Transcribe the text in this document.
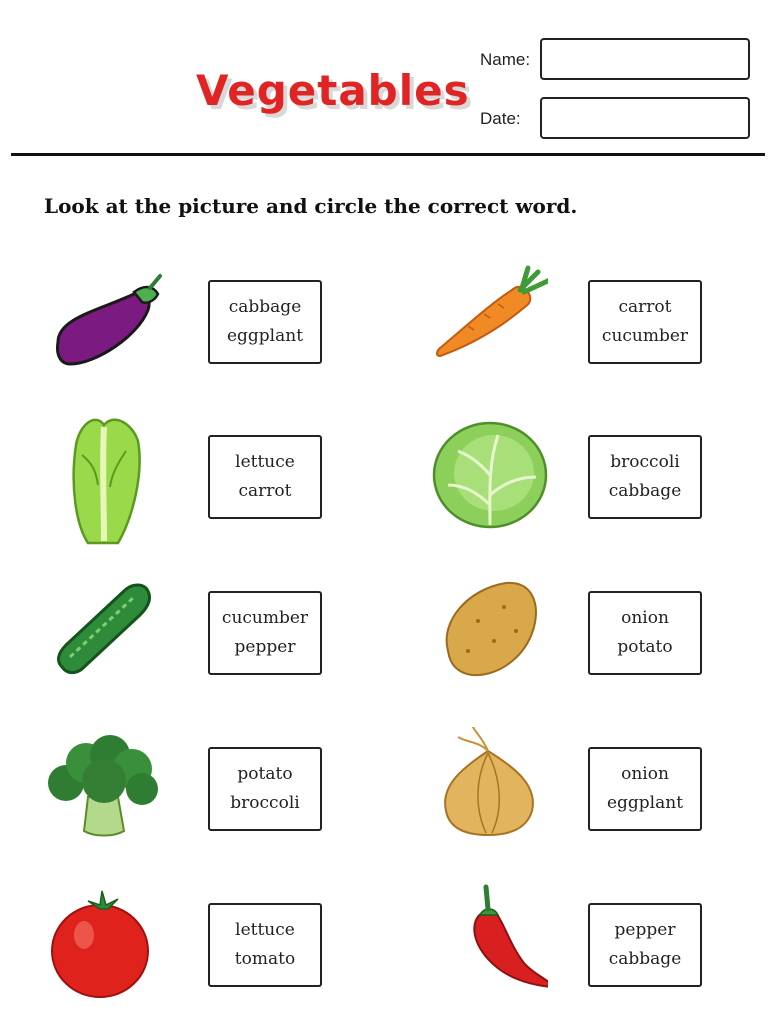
Vegetables
Name:
Date:
Look at the picture and circle the correct word.
cabbage
eggplant
carrot
cucumber
lettuce
carrot
broccoli
cabbage
cucumber
pepper
onion
potato
potato
broccoli
onion
eggplant
lettuce
tomato
pepper
cabbage
